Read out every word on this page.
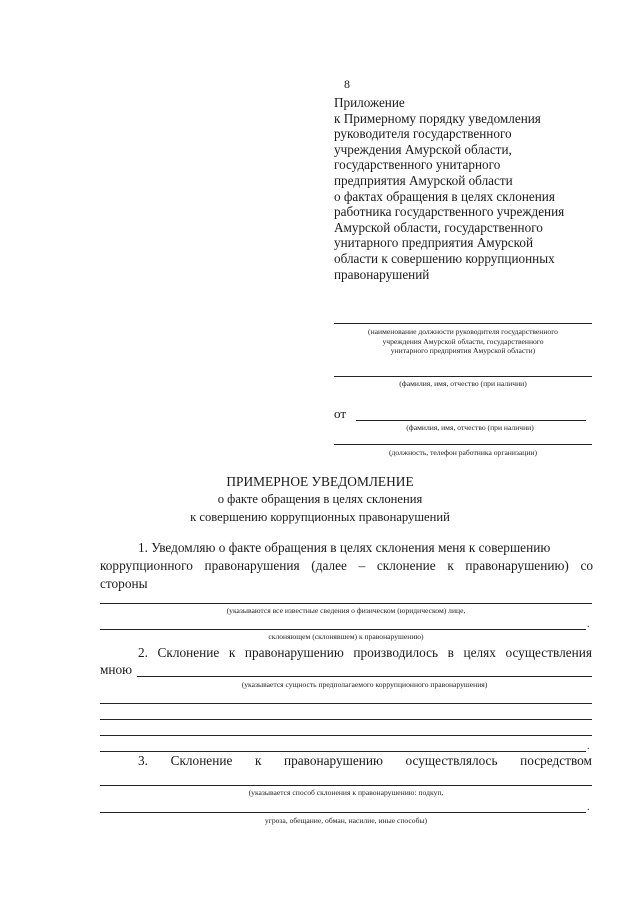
8
Приложение
к Примерному порядку уведомления
руководителя государственного
учреждения Амурской области,
государственного унитарного
предприятия Амурской области
о фактах обращения в целях склонения
работника государственного учреждения
Амурской области, государственного
унитарного предприятия Амурской
области к совершению коррупционных
правонарушений
(наименование должности руководителя государственного
учреждения Амурской области, государственного
унитарного предприятия Амурской области)
(фамилия, имя, отчество (при наличии)
от
(фамилия, имя, отчество (при наличии)
(должность, телефон работника организации)
ПРИМЕРНОЕ УВЕДОМЛЕНИЕ
о факте обращения в целях склонения
к совершению коррупционных правонарушений
1. Уведомляю о факте обращения в целях склонения меня к совершению
коррупционного правонарушения (далее – склонение к правонарушению) со
стороны
(указываются все известные сведения о физическом (юридическом) лице,
.
склоняющем (склонявшем) к правонарушению)
2. Склонение к правонарушению производилось в целях осуществления
мною
(указывается сущность предполагаемого коррупционного правонарушения)
.
3. Склонение к правонарушению осуществлялось посредством
(указывается способ склонения к правонарушению: подкуп,
.
угроза, обещание, обман, насилие, иные способы)
